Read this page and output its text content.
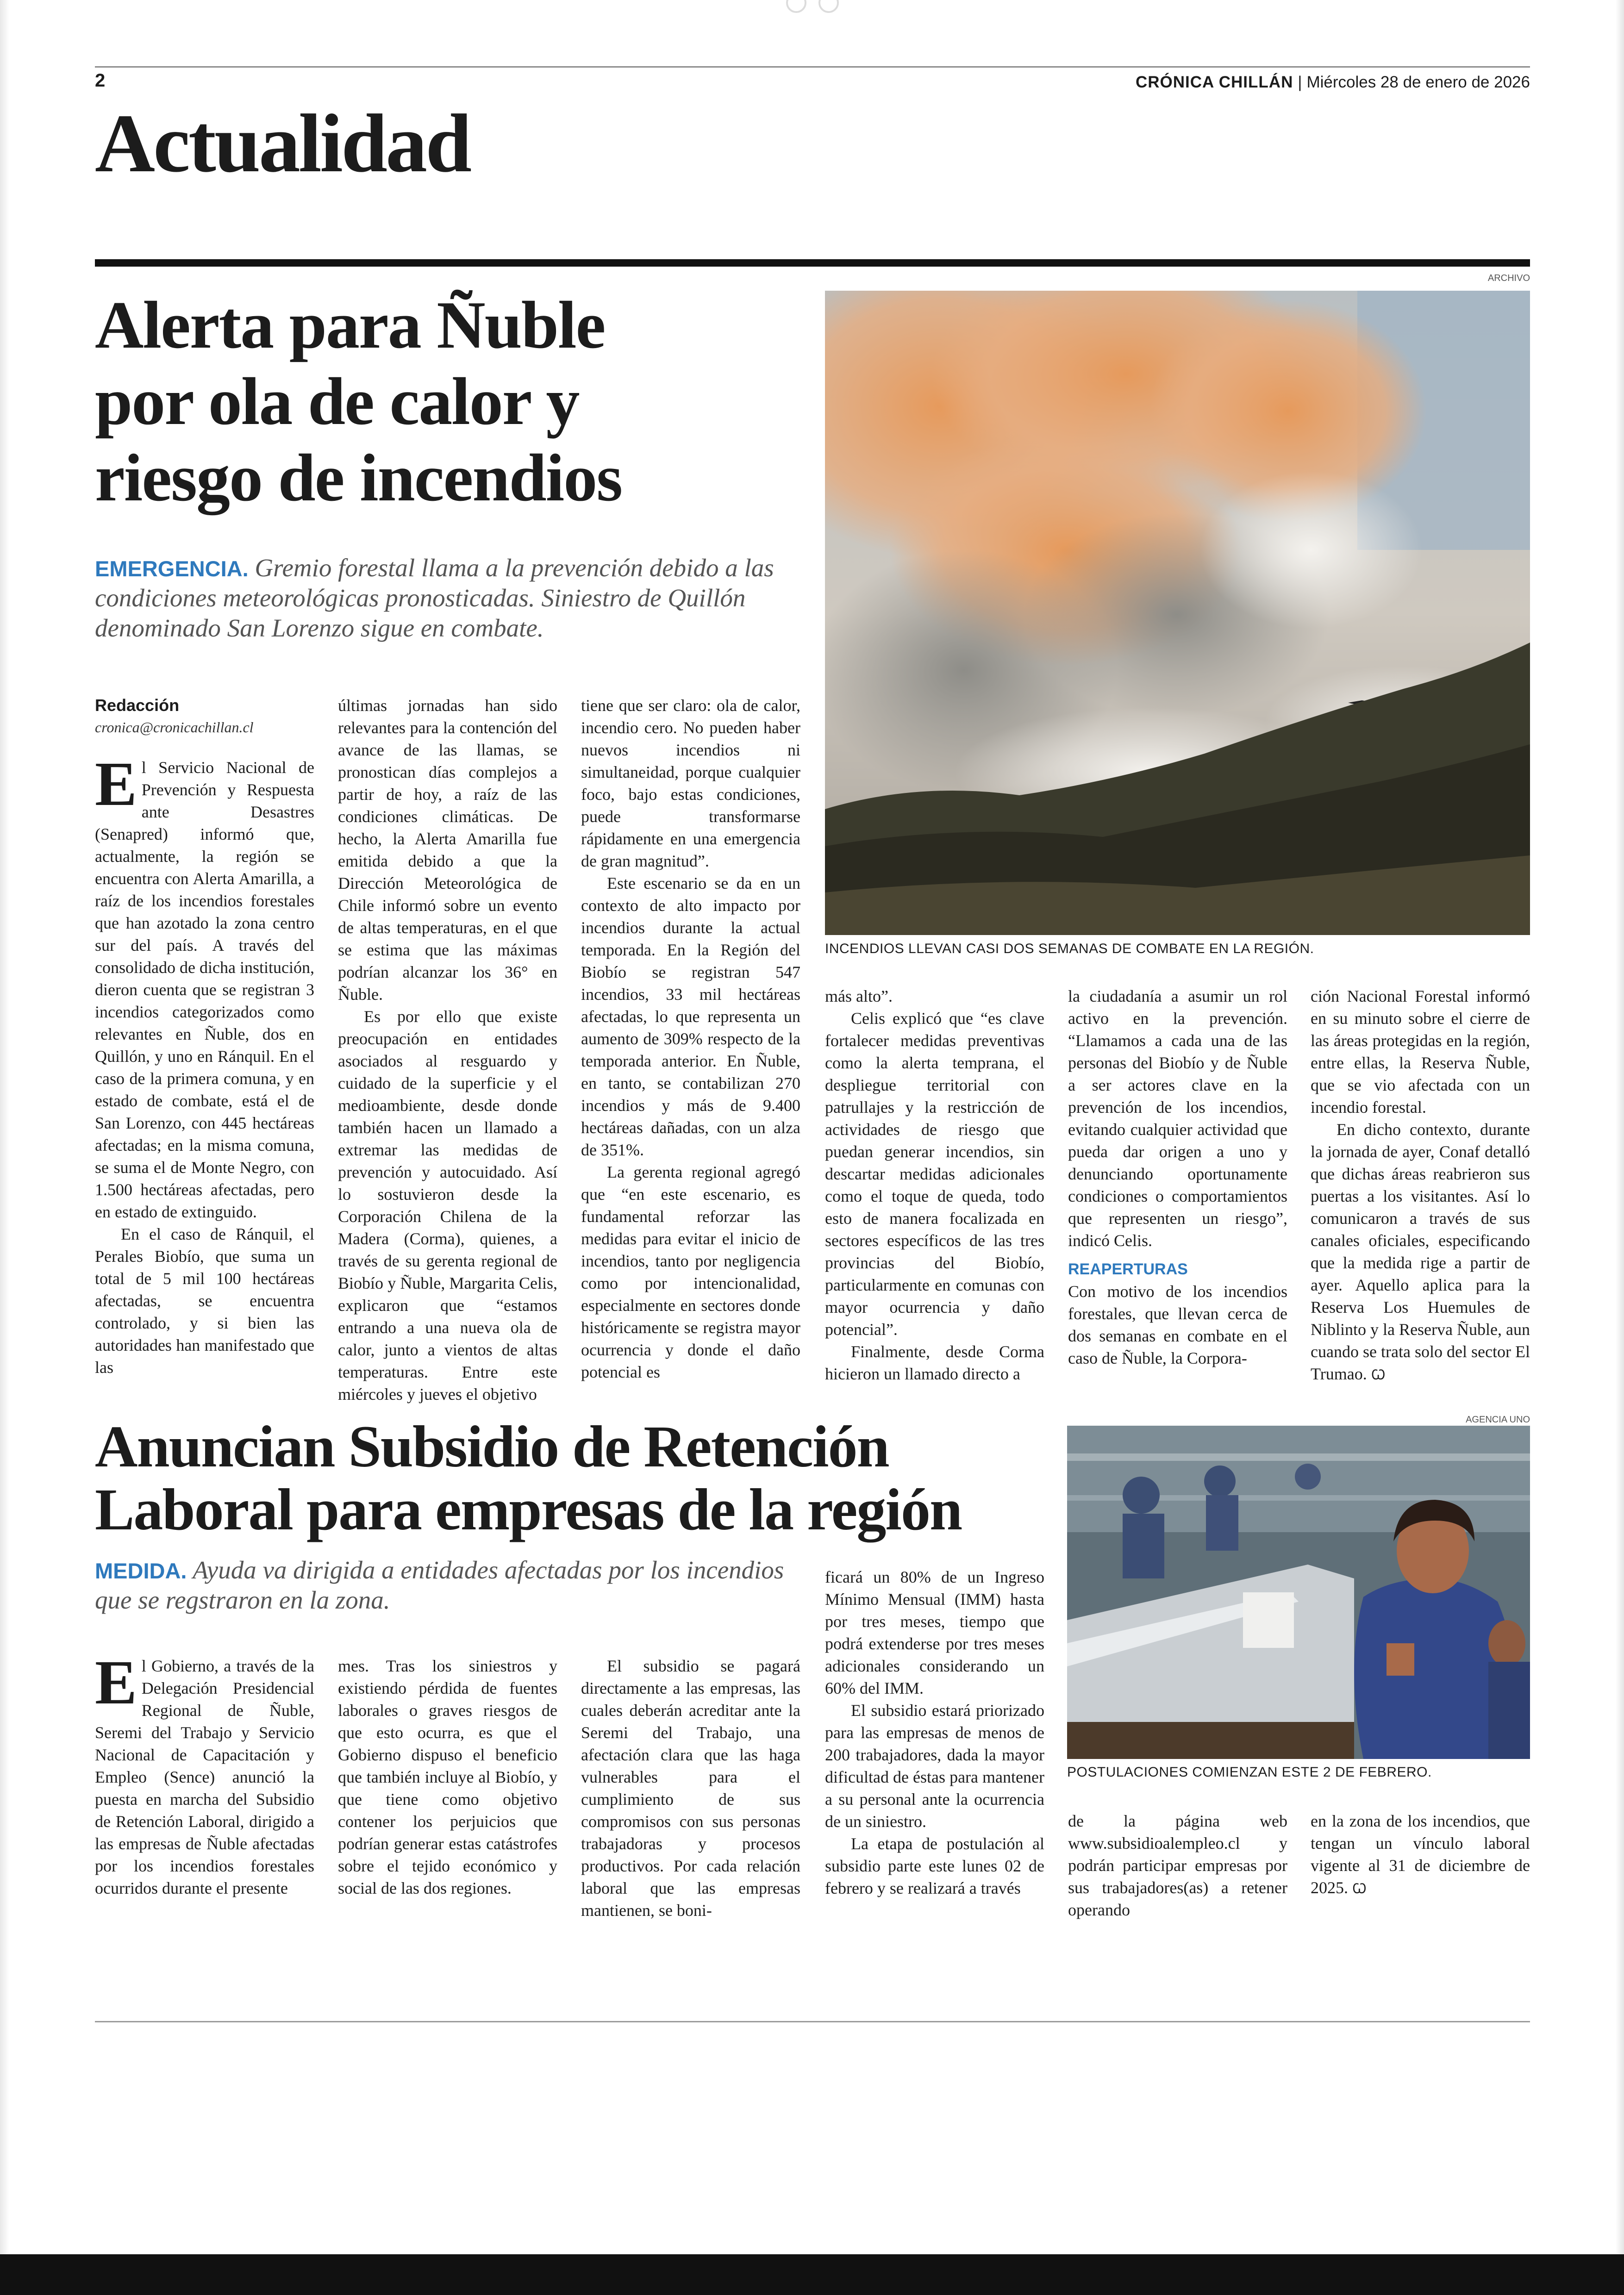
2	CRÓNICA CHILLÁN | Miércoles 28 de enero de 2026
Actualidad
Alerta para Ñuble
por ola de calor y
riesgo de incendios
EMERGENCIA. Gremio forestal llama a la prevención debido a las condiciones meteorológicas pronosticadas. Siniestro de Quillón denominado San Lorenzo sigue en combate.
ARCHIVO
INCENDIOS LLEVAN CASI DOS SEMANAS DE COMBATE EN LA REGIÓN.
Redacción
cronica@cronicachillan.cl

El Servicio Nacional de Prevención y Respuesta ante Desastres (Senapred) informó que, actualmente, la región se encuentra con Alerta Amarilla, a raíz de los incendios forestales que han azotado la zona centro sur del país. A través del consolidado de dicha institución, dieron cuenta que se registran 3 incendios categorizados como relevantes en Ñuble, dos en Quillón, y uno en Ránquil. En el caso de la primera comuna, y en estado de combate, está el de San Lorenzo, con 445 hectáreas afectadas; en la misma comuna, se suma el de Monte Negro, con 1.500 hectáreas afectadas, pero en estado de extinguido.

En el caso de Ránquil, el Perales Biobío, que suma un total de 5 mil 100 hectáreas afectadas, se encuentra controlado, y si bien las autoridades han manifestado que las

últimas jornadas han sido relevantes para la contención del avance de las llamas, se pronostican días complejos a partir de hoy, a raíz de las condiciones climáticas. De hecho, la Alerta Amarilla fue emitida debido a que la Dirección Meteorológica de Chile informó sobre un evento de altas temperaturas, en el que se estima que las máximas podrían alcanzar los 36° en Ñuble.

Es por ello que existe preocupación en entidades asociados al resguardo y cuidado de la superficie y el medioambiente, desde donde también hacen un llamado a extremar las medidas de prevención y autocuidado. Así lo sostuvieron desde la Corporación Chilena de la Madera (Corma), quienes, a través de su gerenta regional de Biobío y Ñuble, Margarita Celis, explicaron que “estamos entrando a una nueva ola de calor, junto a vientos de altas temperaturas. Entre este miércoles y jueves el objetivo

tiene que ser claro: ola de calor, incendio cero. No pueden haber nuevos incendios ni simultaneidad, porque cualquier foco, bajo estas condiciones, puede transformarse rápidamente en una emergencia de gran magnitud”.

Este escenario se da en un contexto de alto impacto por incendios durante la actual temporada. En la Región del Biobío se registran 547 incendios, 33 mil hectáreas afectadas, lo que representa un aumento de 309% respecto de la temporada anterior. En Ñuble, en tanto, se contabilizan 270 incendios y más de 9.400 hectáreas dañadas, con un alza de 351%.

La gerenta regional agregó que “en este escenario, es fundamental reforzar las medidas para evitar el inicio de incendios, tanto por negligencia como por intencionalidad, especialmente en sectores donde históricamente se registra mayor ocurrencia y donde el daño potencial es

más alto”.

Celis explicó que “es clave fortalecer medidas preventivas como la alerta temprana, el despliegue territorial con patrullajes y la restricción de actividades de riesgo que puedan generar incendios, sin descartar medidas adicionales como el toque de queda, todo esto de manera focalizada en sectores específicos de las tres provincias del Biobío, particularmente en comunas con mayor ocurrencia y daño potencial”.

Finalmente, desde Corma hicieron un llamado directo a

la ciudadanía a asumir un rol activo en la prevención. “Llamamos a cada una de las personas del Biobío y de Ñuble a ser actores clave en la prevención de los incendios, evitando cualquier actividad que pueda dar origen a uno y denunciando oportunamente condiciones o comportamientos que representen un riesgo”, indicó Celis.

REAPERTURAS

Con motivo de los incendios forestales, que llevan cerca de dos semanas en combate en el caso de Ñuble, la Corpora-

ción Nacional Forestal informó en su minuto sobre el cierre de las áreas protegidas en la región, entre ellas, la Reserva Ñuble, que se vio afectada con un incendio forestal.

En dicho contexto, durante la jornada de ayer, Conaf detalló que dichas áreas reabrieron sus puertas a los visitantes. Así lo comunicaron a través de sus canales oficiales, especificando que la medida rige a partir de ayer. Aquello aplica para la Reserva Los Huemules de Niblinto y la Reserva Ñuble, aun cuando se trata solo del sector El Trumao. Ꞷ

Anuncian Subsidio de Retención
Laboral para empresas de la región
MEDIDA. Ayuda va dirigida a entidades afectadas por los incendios que se regstraron en la zona.
AGENCIA UNO
POSTULACIONES COMIENZAN ESTE 2 DE FEBRERO.

El Gobierno, a través de la Delegación Presidencial Regional de Ñuble, Seremi del Trabajo y Servicio Nacional de Capacitación y Empleo (Sence) anunció la puesta en marcha del Subsidio de Retención Laboral, dirigido a las empresas de Ñuble afectadas por los incendios forestales ocurridos durante el presente

mes. Tras los siniestros y existiendo pérdida de fuentes laborales o graves riesgos de que esto ocurra, es que el Gobierno dispuso el beneficio que también incluye al Biobío, y que tiene como objetivo contener los perjuicios que podrían generar estas catástrofes sobre el tejido económico y social de las dos regiones.

El subsidio se pagará directamente a las empresas, las cuales deberán acreditar ante la Seremi del Trabajo, una afectación clara que las haga vulnerables para el cumplimiento de sus compromisos con sus personas trabajadoras y procesos productivos. Por cada relación laboral que las empresas mantienen, se boni-

ficará un 80% de un Ingreso Mínimo Mensual (IMM) hasta por tres meses, tiempo que podrá extenderse por tres meses adicionales considerando un 60% del IMM.

El subsidio estará priorizado para las empresas de menos de 200 trabajadores, dada la mayor dificultad de éstas para mantener a su personal ante la ocurrencia de un siniestro.

La etapa de postulación al subsidio parte este lunes 02 de febrero y se realizará a través

de la página web www.subsidioalempleo.cl y podrán participar empresas por sus trabajadores(as) a retener operando

en la zona de los incendios, que tengan un vínculo laboral vigente al 31 de diciembre de 2025. Ꞷ
